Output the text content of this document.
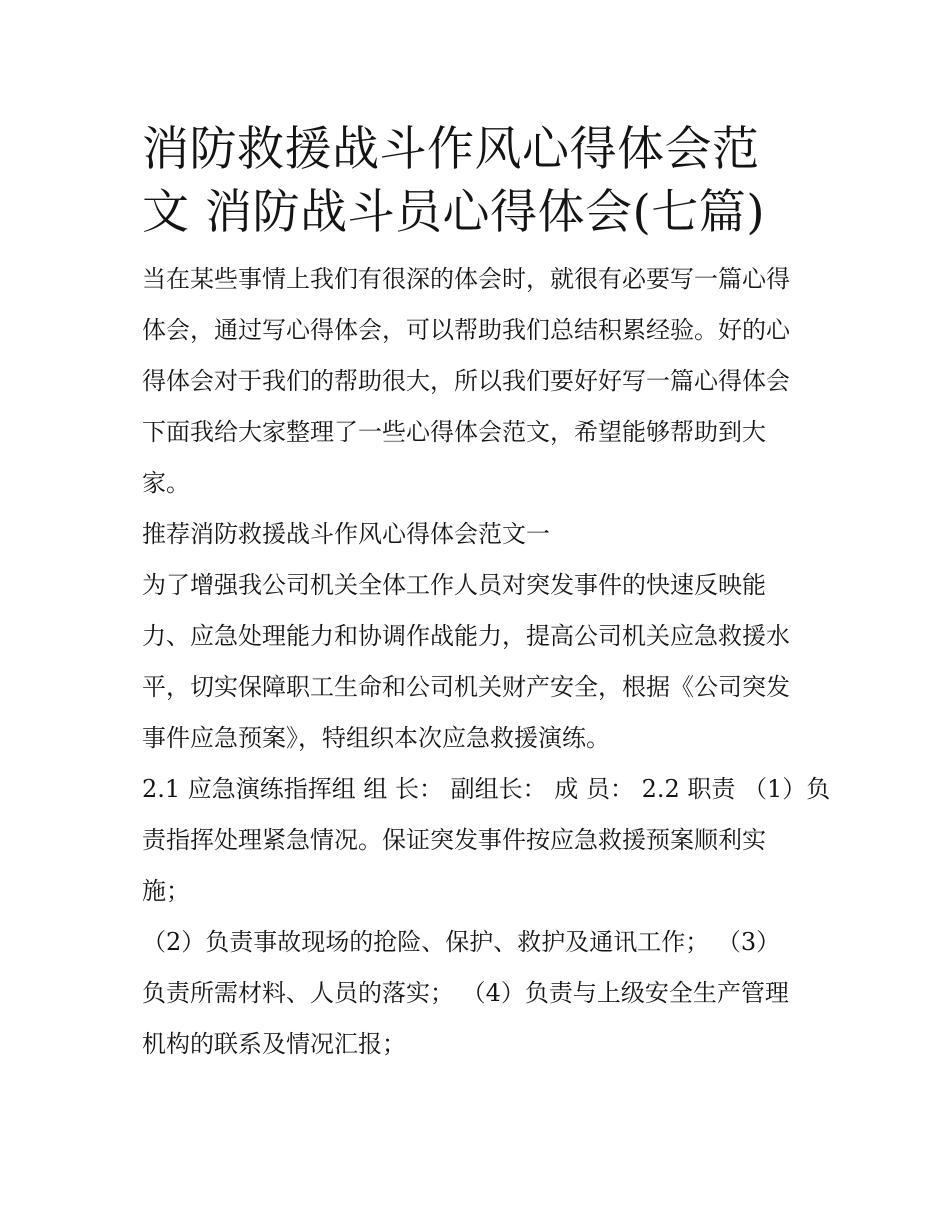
消防救援战斗作风心得体会范
文 消防战斗员心得体会(七篇)
当在某些事情上我们有很深的体会时，就很有必要写一篇心得
体会，通过写心得体会，可以帮助我们总结积累经验。好的心
得体会对于我们的帮助很大，所以我们要好好写一篇心得体会
下面我给大家整理了一些心得体会范文，希望能够帮助到大
家。
推荐消防救援战斗作风心得体会范文一
为了增强我公司机关全体工作人员对突发事件的快速反映能
力、应急处理能力和协调作战能力，提高公司机关应急救援水
平，切实保障职工生命和公司机关财产安全，根据《公司突发
事件应急预案》，特组织本次应急救援演练。
2.1 应急演练指挥组 组 长： 副组长： 成 员： 2.2 职责 （1）负
责指挥处理紧急情况。保证突发事件按应急救援预案顺利实
施；
（2）负责事故现场的抢险、保护、救护及通讯工作； （3）
负责所需材料、人员的落实； （4）负责与上级安全生产管理
机构的联系及情况汇报；
